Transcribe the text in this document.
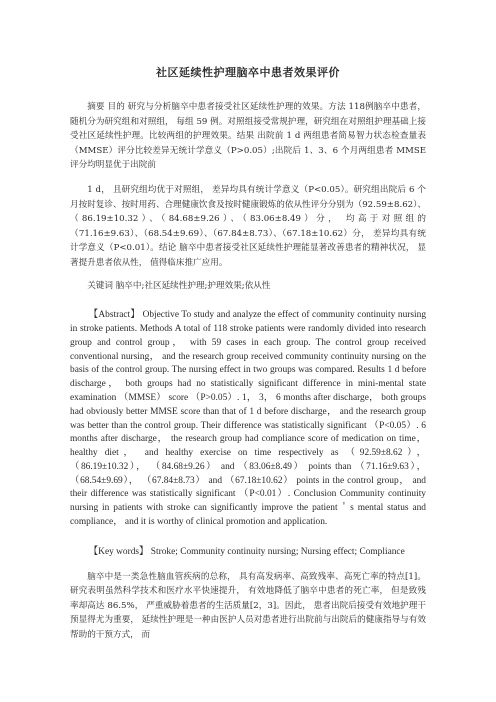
社区延续性护理脑卒中患者效果评价

摘要 目的 研究与分析脑卒中患者接受社区延续性护理的效果。方法 118例脑卒中患者， 随机分为研究组和对照组， 每组 59 例。对照组接受常规护理，研究组在对照组护理基础上接受社区延续性护理。比较两组的护理效果。结果 出院前 1 d 两组患者简易智力状态检查量表（MMSE）评分比较差异无统计学意义（P>0.05）;出院后 1、3、6 个月两组患者 MMSE 评分均明显优于出院前

1 d， 且研究组均优于对照组， 差异均具有统计学意义（P<0.05）。研究组出院后 6 个月按时复诊、按时用药、合理健康饮食及按时健康锻炼的依从性评分分别为（92.59±8.62）、（86.19±10.32）、（84.68±9.26）、（83.06±8.49）分， 均高于对照组的（71.16±9.63）、（68.54±9.69）、（67.84±8.73）、（67.18±10.62）分， 差异均具有统计学意义（P<0.01）。结论 脑卒中患者接受社区延续性护理能显著改善患者的精神状况， 显著提升患者依从性， 值得临床推广应用。

关键词 脑卒中;社区延续性护理;护理效果;依从性

【Abstract】 Objective To study and analyze the effect of community continuity nursing in stroke patients. Methods A total of 118 stroke patients were randomly divided into research group and control group， with 59 cases in each group. The control group received conventional nursing， and the research group received community continuity nursing on the basis of the control group. The nursing effect in two groups was compared. Results 1 d before discharge， both groups had no statistically significant difference in mini-mental state examination （MMSE） score （P>0.05）. 1， 3， 6 months after discharge， both groups had obviously better MMSE score than that of 1 d before discharge， and the research group was better than the control group. Their difference was statistically significant （P<0.05）. 6 months after discharge， the research group had compliance score of medication on time， healthy diet， and healthy exercise on time respectively as （92.59±8.62）， （86.19±10.32）， （84.68±9.26） and （83.06±8.49） points than （71.16±9.63）， （68.54±9.69）， （67.84±8.73） and （67.18±10.62） points in the control group， and their difference was statistically significant （P<0.01）. Conclusion Community continuity nursing in patients with stroke can significantly improve the patient＇s mental status and compliance， and it is worthy of clinical promotion and application.

【Key words】 Stroke; Community continuity nursing; Nursing effect; Compliance

脑卒中是一类急性脑血管疾病的总称， 具有高发病率、高致残率、高死亡率的特点[1]。研究表明虽然科学技术和医疗水平快速提升， 有效地降低了脑卒中患者的死亡率， 但是致残率却高达 86.5%， 严重威胁着患者的生活质量[2，3]。因此， 患者出院后接受有效地护理干预显得尤为重要， 延续性护理是一种由医护人员对患者进行出院前与出院后的健康指导与有效帮助的干预方式， 而
